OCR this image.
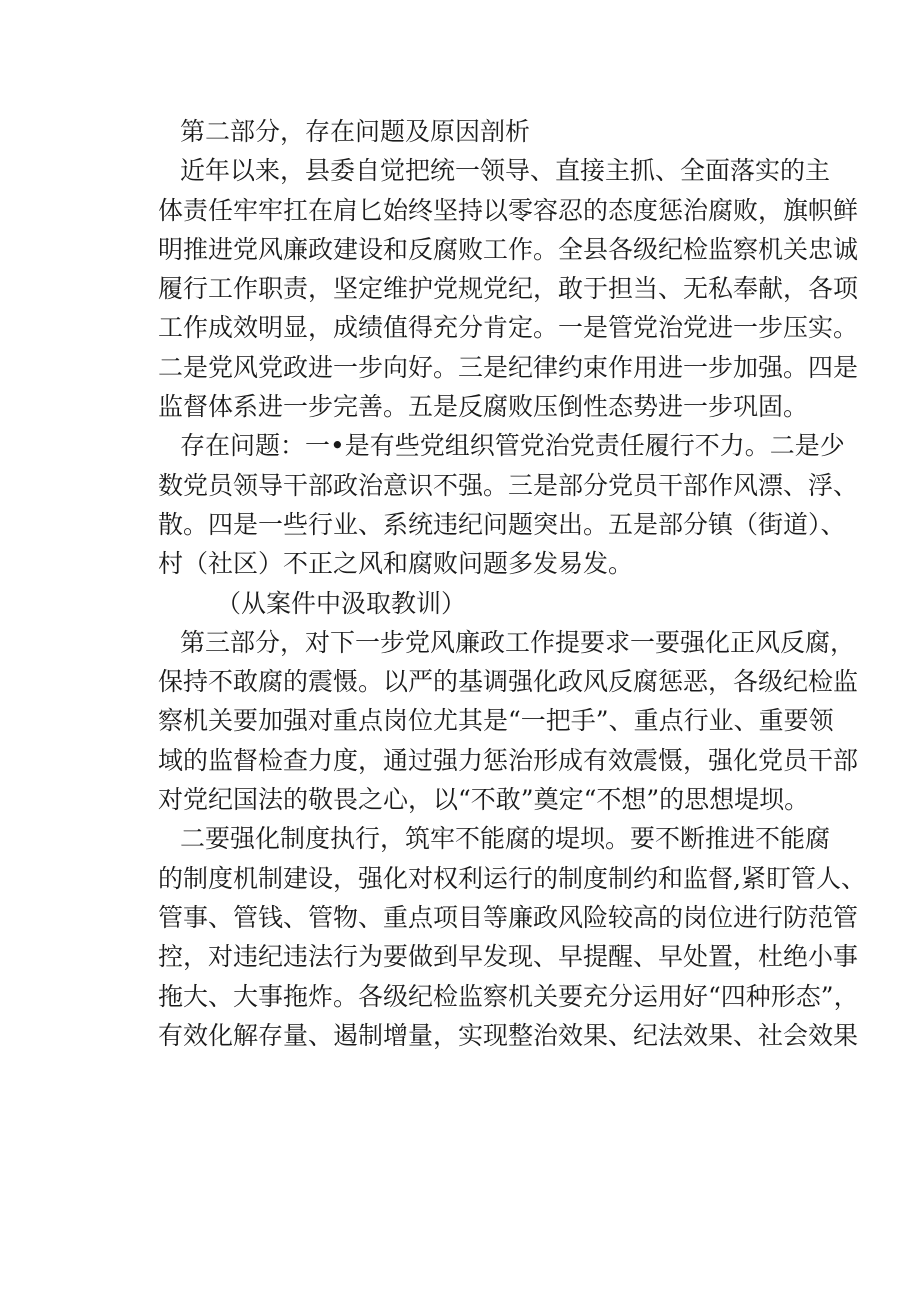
第二部分，存在问题及原因剖析
近年以来，县委自觉把统一领导、直接主抓、全面落实的主
体责任牢牢扛在肩匕始终坚持以零容忍的态度惩治腐败，旗帜鲜
明推进党风廉政建设和反腐败工作。全县各级纪检监察机关忠诚
履行工作职责，坚定维护党规党纪，敢于担当、无私奉献，各项
工作成效明显，成绩值得充分肯定。一是管党治党进一步压实。
二是党风党政进一步向好。三是纪律约束作用进一步加强。四是
监督体系进一步完善。五是反腐败压倒性态势进一步巩固。
存在问题：一•是有些党组织管党治党责任履行不力。二是少
数党员领导干部政治意识不强。三是部分党员干部作风漂、浮、
散。四是一些行业、系统违纪问题突出。五是部分镇（街道）、
村（社区）不正之风和腐败问题多发易发。
（从案件中汲取教训）
第三部分，对下一步党风廉政工作提要求一要强化正风反腐，
保持不敢腐的震慑。以严的基调强化政风反腐惩恶，各级纪检监
察机关要加强对重点岗位尤其是“一把手”、重点行业、重要领
域的监督检查力度，通过强力惩治形成有效震慑，强化党员干部
对党纪国法的敬畏之心，以“不敢”奠定“不想”的思想堤坝。
二要强化制度执行，筑牢不能腐的堤坝。要不断推进不能腐
的制度机制建设，强化对权利运行的制度制约和监督,紧盯管人、
管事、管钱、管物、重点项目等廉政风险较高的岗位进行防范管
控，对违纪违法行为要做到早发现、早提醒、早处置，杜绝小事
拖大、大事拖炸。各级纪检监察机关要充分运用好“四种形态”，
有效化解存量、遏制增量，实现整治效果、纪法效果、社会效果
